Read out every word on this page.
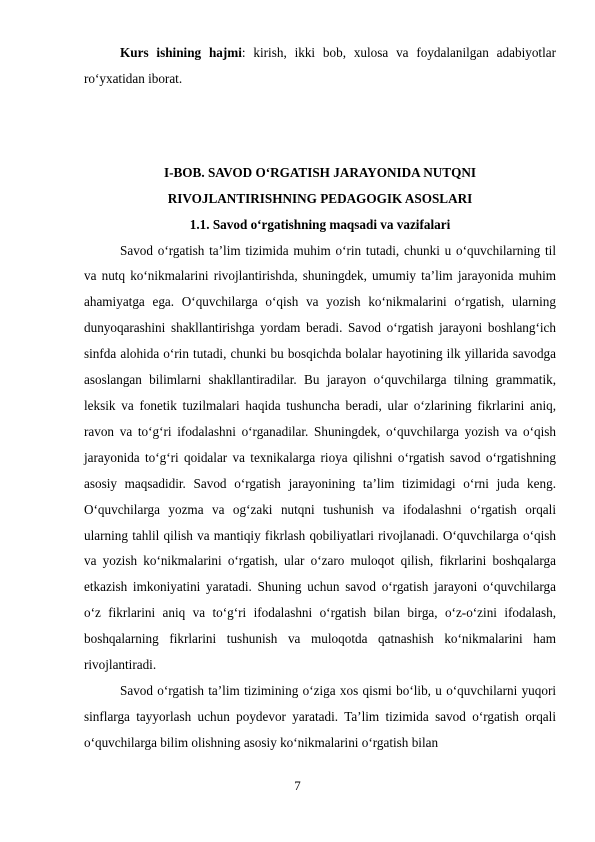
Kurs ishining hajmi: kirish, ikki bob, xulosa va foydalanilgan adabiyotlar ro‘yxatidan iborat.

I-BOB. SAVOD O‘RGATISH JARAYONIDA NUTQNI
RIVOJLANTIRISHNING PEDAGOGIK ASOSLARI
1.1. Savod o‘rgatishning maqsadi va vazifalari

Savod o‘rgatish ta’lim tizimida muhim o‘rin tutadi, chunki u o‘quvchilarning til va nutq ko‘nikmalarini rivojlantirishda, shuningdek, umumiy ta’lim jarayonida muhim ahamiyatga ega. O‘quvchilarga o‘qish va yozish ko‘nikmalarini o‘rgatish, ularning dunyoqarashini shakllantirishga yordam beradi. Savod o‘rgatish jarayoni boshlang‘ich sinfda alohida o‘rin tutadi, chunki bu bosqichda bolalar hayotining ilk yillarida savodga asoslangan bilimlarni shakllantiradilar. Bu jarayon o‘quvchilarga tilning grammatik, leksik va fonetik tuzilmalari haqida tushuncha beradi, ular o‘zlarining fikrlarini aniq, ravon va to‘g‘ri ifodalashni o‘rganadilar. Shuningdek, o‘quvchilarga yozish va o‘qish jarayonida to‘g‘ri qoidalar va texnikalarga rioya qilishni o‘rgatish savod o‘rgatishning asosiy maqsadidir. Savod o‘rgatish jarayonining ta’lim tizimidagi o‘rni juda keng. O‘quvchilarga yozma va og‘zaki nutqni tushunish va ifodalashni o‘rgatish orqali ularning tahlil qilish va mantiqiy fikrlash qobiliyatlari rivojlanadi. O‘quvchilarga o‘qish va yozish ko‘nikmalarini o‘rgatish, ular o‘zaro muloqot qilish, fikrlarini boshqalarga etkazish imkoniyatini yaratadi. Shuning uchun savod o‘rgatish jarayoni o‘quvchilarga o‘z fikrlarini aniq va to‘g‘ri ifodalashni o‘rgatish bilan birga, o‘z-o‘zini ifodalash, boshqalarning fikrlarini tushunish va muloqotda qatnashish ko‘nikmalarini ham rivojlantiradi.

Savod o‘rgatish ta’lim tizimining o‘ziga xos qismi bo‘lib, u o‘quvchilarni yuqori sinflarga tayyorlash uchun poydevor yaratadi. Ta’lim tizimida savod o‘rgatish orqali o‘quvchilarga bilim olishning asosiy ko‘nikmalarini o‘rgatish bilan

7
